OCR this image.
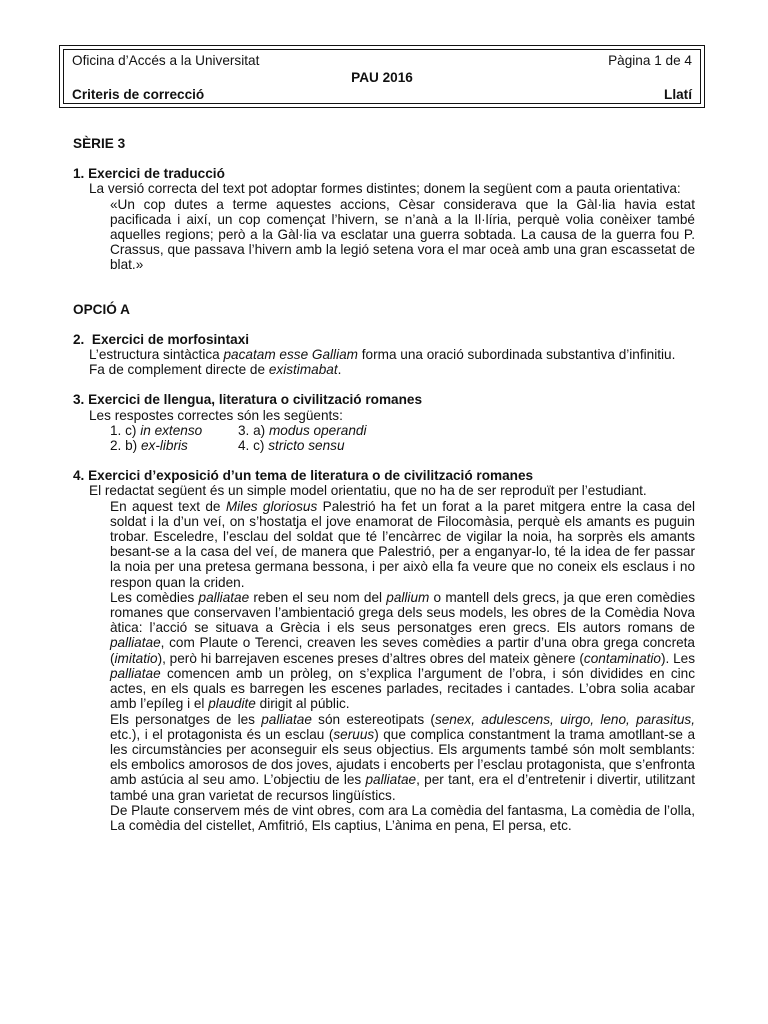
Oficina d’Accés a la Universitat	Pàgina 1 de 4
PAU 2016
Criteris de correcció	Llatí

SÈRIE 3

1. Exercici de traducció

La versió correcta del text pot adoptar formes distintes; donem la següent com a pauta orientativa:

«Un cop dutes a terme aquestes accions, Cèsar considerava que la Gàl·lia havia estat pacificada i així, un cop començat l’hivern, se n’anà a la Il·líria, perquè volia conèixer també aquelles regions; però a la Gàl·lia va esclatar una guerra sobtada. La causa de la guerra fou P. Crassus, que passava l’hivern amb la legió setena vora el mar oceà amb una gran escassetat de blat.»

OPCIÓ A

2.  Exercici de morfosintaxi

L’estructura sintàctica pacatam esse Galliam forma una oració subordinada substantiva d’infinitiu.

Fa de complement directe de existimabat.

3. Exercici de llengua, literatura o civilització romanes

Les respostes correctes són les següents:

1. c) in extenso	3. a) modus operandi
2. b) ex-libris	4. c) stricto sensu

4. Exercici d’exposició d’un tema de literatura o de civilització romanes

El redactat següent és un simple model orientatiu, que no ha de ser reproduït per l’estudiant.

En aquest text de Miles gloriosus Palestrió ha fet un forat a la paret mitgera entre la casa del soldat i la d’un veí, on s’hostatja el jove enamorat de Filocomàsia, perquè els amants es puguin trobar. Esceledre, l’esclau del soldat que té l’encàrrec de vigilar la noia, ha sorprès els amants besant-se a la casa del veí, de manera que Palestrió, per a enganyar-lo, té la idea de fer passar la noia per una pretesa germana bessona, i per això ella fa veure que no coneix els esclaus i no respon quan la criden.

Les comèdies palliatae reben el seu nom del pallium o mantell dels grecs, ja que eren comèdies romanes que conservaven l’ambientació grega dels seus models, les obres de la Comèdia Nova àtica: l’acció se situava a Grècia i els seus personatges eren grecs. Els autors romans de palliatae, com Plaute o Terenci, creaven les seves comèdies a partir d’una obra grega concreta (imitatio), però hi barrejaven escenes preses d’altres obres del mateix gènere (contaminatio). Les palliatae comencen amb un pròleg, on s’explica l’argument de l’obra, i són dividides en cinc actes, en els quals es barregen les escenes parlades, recitades i cantades. L’obra solia acabar amb l’epíleg i el plaudite dirigit al públic.

Els personatges de les palliatae són estereotipats (senex, adulescens, uirgo, leno, parasitus, etc.), i el protagonista és un esclau (seruus) que complica constantment la trama amotllant-se a les circumstàncies per aconseguir els seus objectius. Els arguments també són molt semblants: els embolics amorosos de dos joves, ajudats i encoberts per l’esclau protagonista, que s’enfronta amb astúcia al seu amo. L’objectiu de les palliatae, per tant, era el d’entretenir i divertir, utilitzant també una gran varietat de recursos lingüístics.

De Plaute conservem més de vint obres, com ara La comèdia del fantasma, La comèdia de l’olla, La comèdia del cistellet, Amfitrió, Els captius, L’ànima en pena, El persa, etc.
